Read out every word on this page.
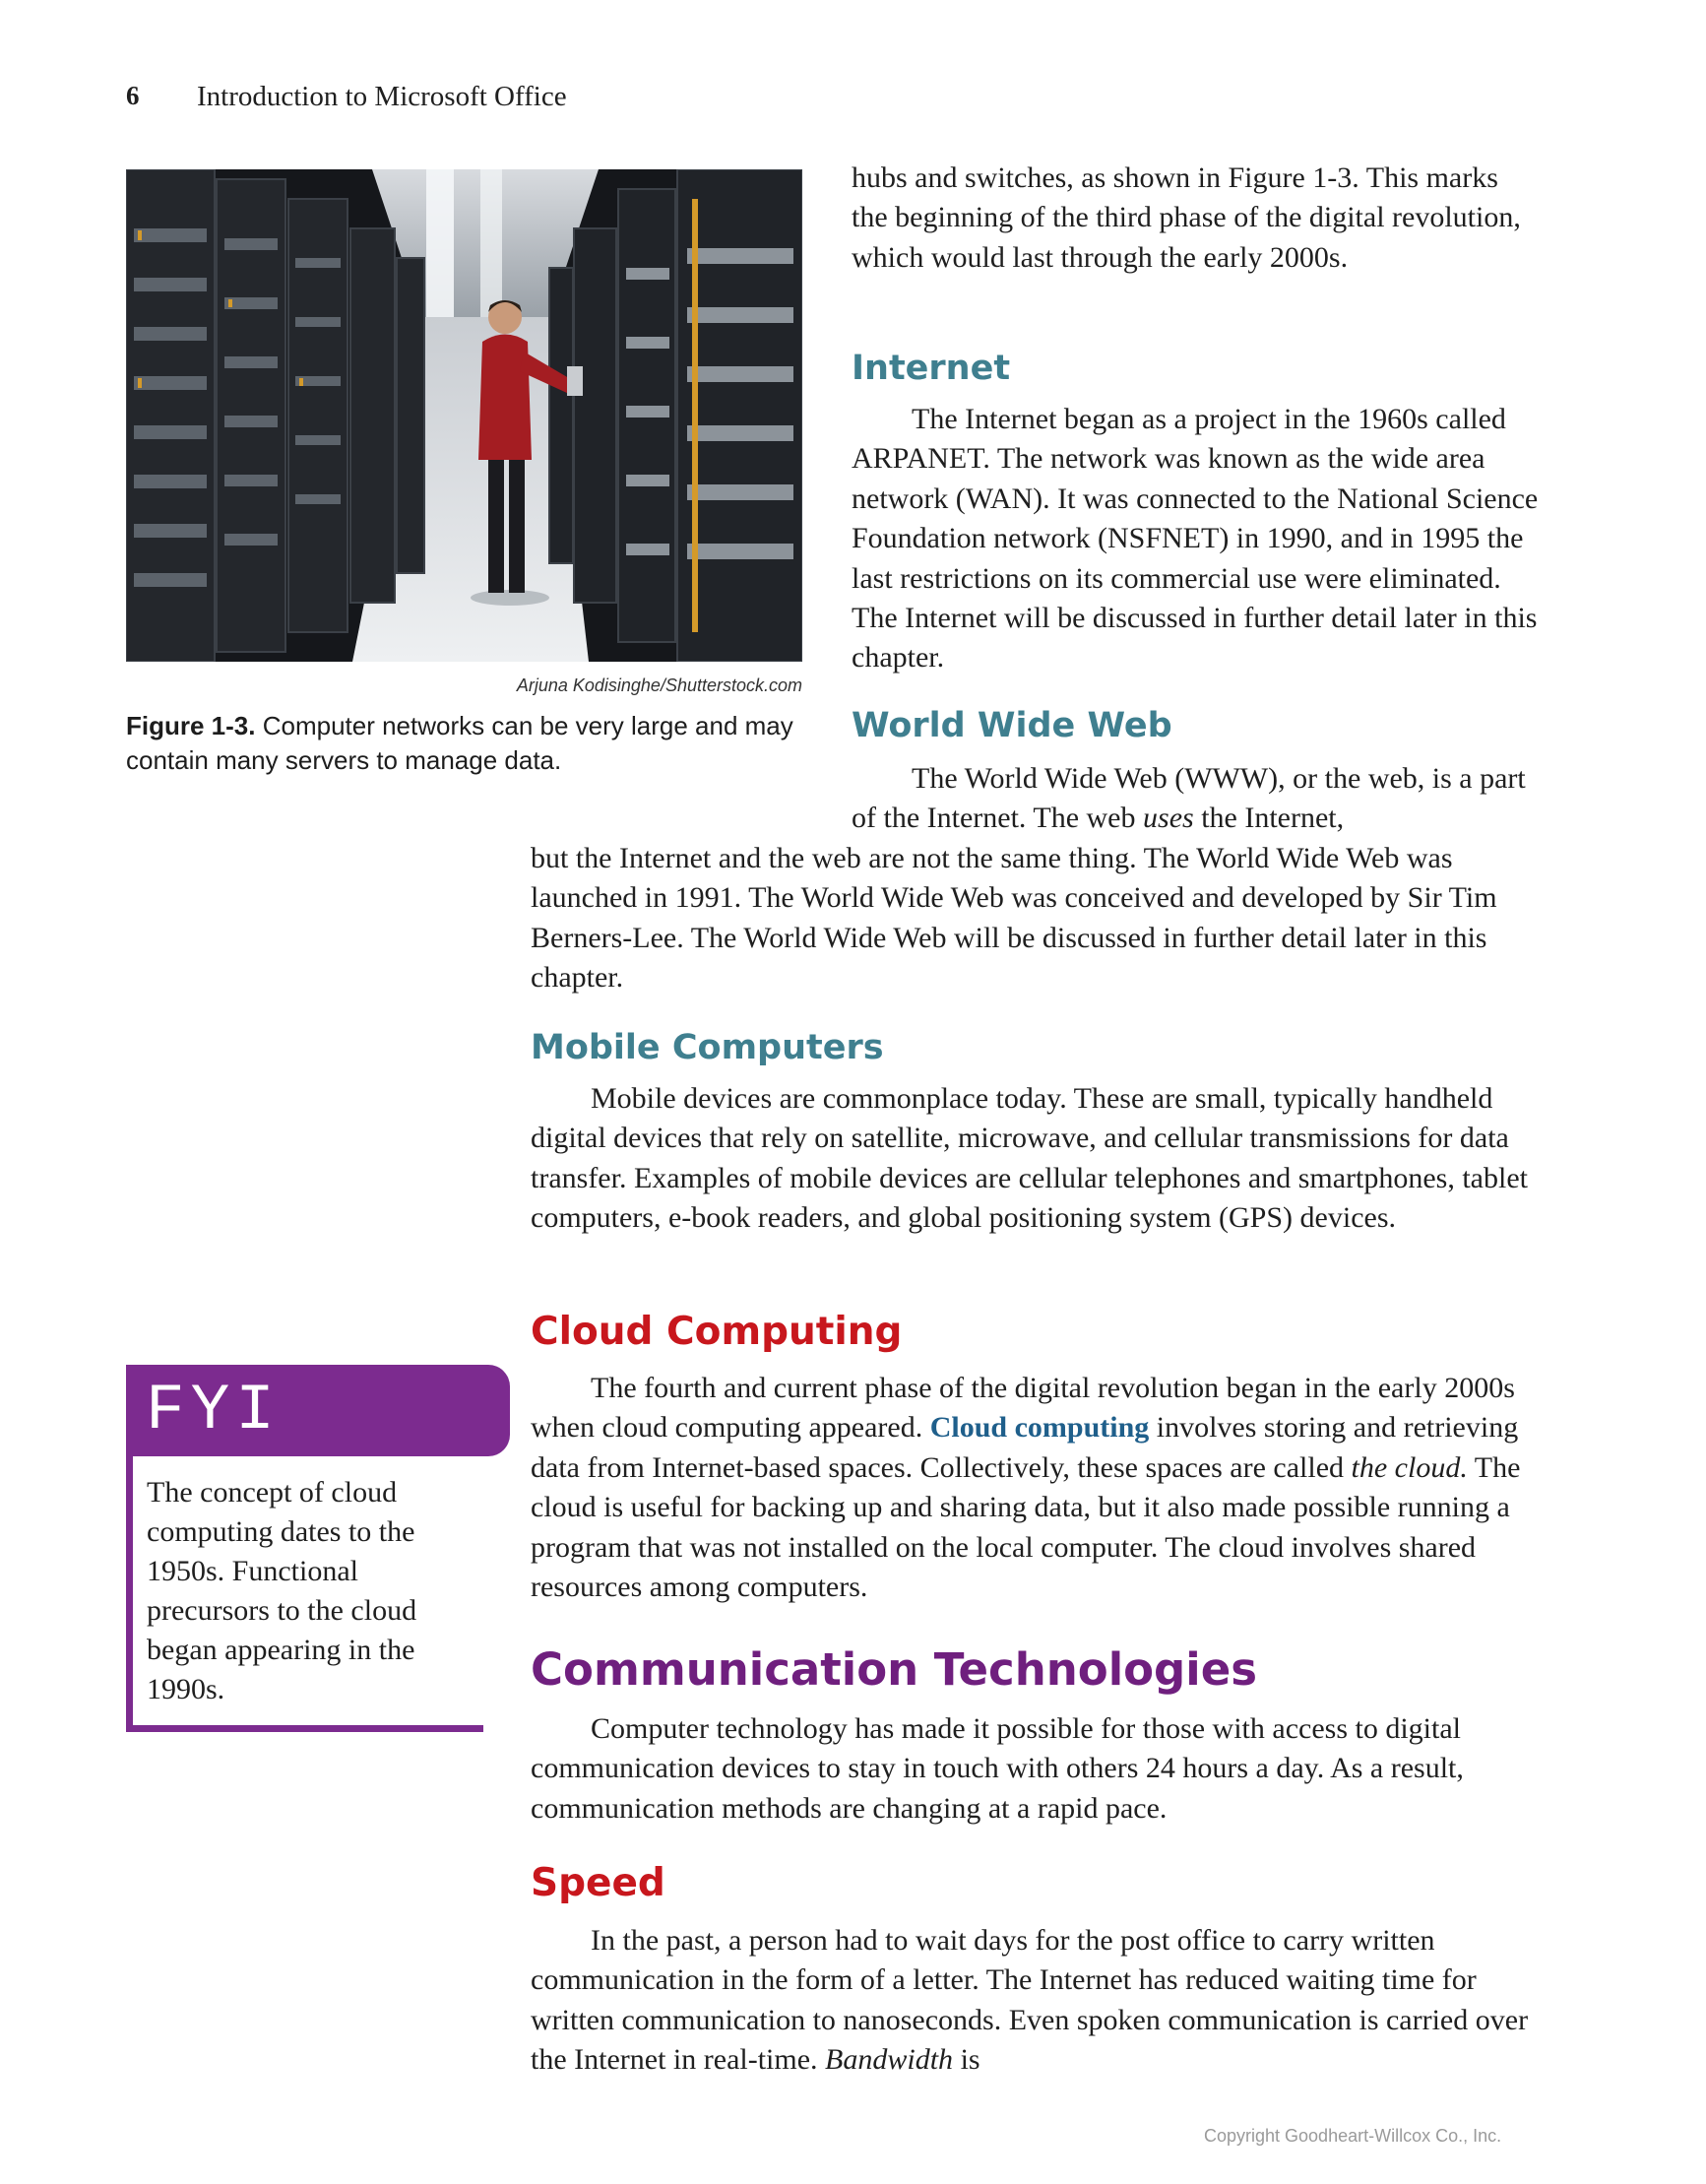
6 Introduction to Microsoft Office
Arjuna Kodisinghe/Shutterstock.com
Figure 1-3. Computer networks can be very large and may contain many servers to manage data.

hubs and switches, as shown in Figure 1-3. This marks the beginning of the third phase of the digital revolution, which would last through the early 2000s.

Internet

The Internet began as a project in the 1960s called ARPANET. The network was known as the wide area network (WAN). It was connected to the National Science Foundation network (NSFNET) in 1990, and in 1995 the last restrictions on its commercial use were eliminated. The Internet will be discussed in further detail later in this chapter.

World Wide Web

The World Wide Web (WWW), or the web, is a part of the Internet. The web uses the Internet,

but the Internet and the web are not the same thing. The World Wide Web was launched in 1991. The World Wide Web was conceived and developed by Sir Tim Berners-Lee. The World Wide Web will be discussed in further detail later in this chapter.

Mobile Computers

Mobile devices are commonplace today. These are small, typically handheld digital devices that rely on satellite, microwave, and cellular transmissions for data transfer. Examples of mobile devices are cellular telephones and smartphones, tablet computers, e-book readers, and global positioning system (GPS) devices.

Cloud Computing

The fourth and current phase of the digital revolution began in the early 2000s when cloud computing appeared. Cloud computing involves storing and retrieving data from Internet-based spaces. Collectively, these spaces are called the cloud. The cloud is useful for backing up and sharing data, but it also made possible running a program that was not installed on the local computer. The cloud involves shared resources among computers.

Communication Technologies

Computer technology has made it possible for those with access to digital communication devices to stay in touch with others 24 hours a day. As a result, communication methods are changing at a rapid pace.

Speed

In the past, a person had to wait days for the post office to carry written communication in the form of a letter. The Internet has reduced waiting time for written communication to nanoseconds. Even spoken communication is carried over the Internet in real-time. Bandwidth is

FYI
The concept of cloud computing dates to the 1950s. Functional precursors to the cloud began appearing in the 1990s.
Copyright Goodheart-Willcox Co., Inc.
